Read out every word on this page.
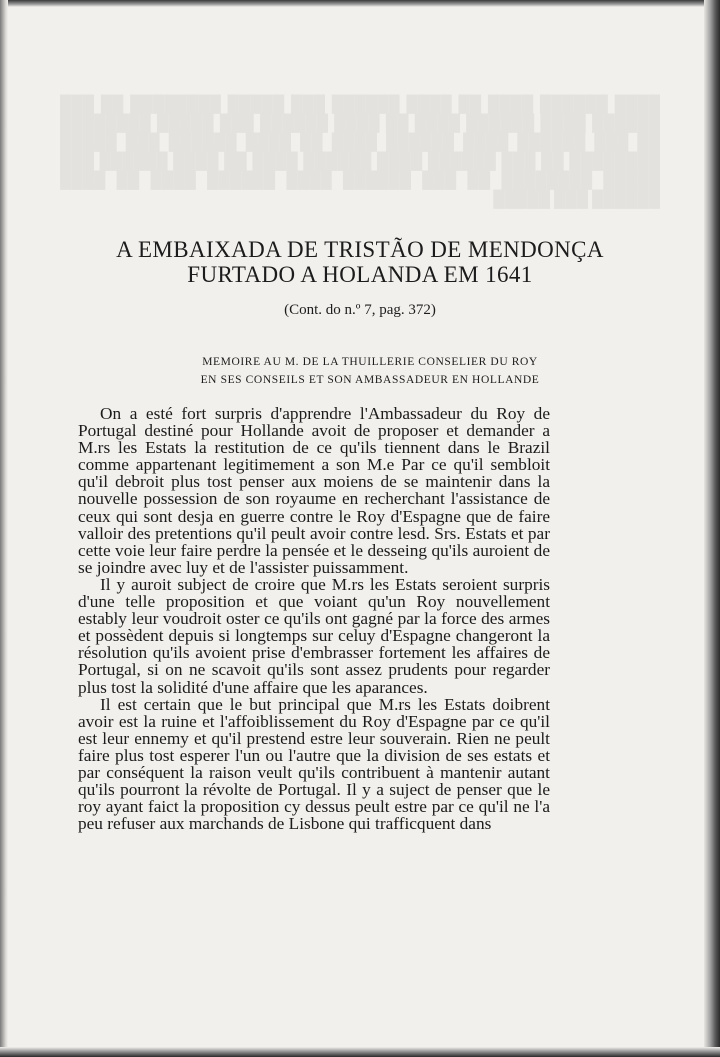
████ ██████ ████ ██ ████ ██████ ███ █████ ████████ ██ ███ ██████ ████ ██████ ████ ██ ████ ██████ ███ █████ ████████ ██ ███ ██████ ████ ██████ ████ ██ ████ ██████ ███ █████ ████████ ██ ███ ██████ ████ ██████ ████ ██ ████ ██████ ███ █████ ████████ ██ ███ ██████ ████ ██████ ████ ██ ████ ██████ ███ █████
A EMBAIXADA DE TRISTÃO DE MENDONÇA
FURTADO A HOLANDA EM 1641

(Cont. do n.º 7, pag. 372)

MEMOIRE AU M. DE LA THUILLERIE CONSELIER DU ROY

EN SES CONSEILS ET SON AMBASSADEUR EN HOLLANDE

On a esté fort surpris d'apprendre l'Ambassadeur du Roy de Portugal destiné pour Hollande avoit de proposer et demander a M.rs les Estats la restitution de ce qu'ils tiennent dans le Brazil comme appartenant legitimement a son M.e Par ce qu'il sembloit qu'il debroit plus tost penser aux moiens de se maintenir dans la nouvelle possession de son royaume en recherchant l'assistance de ceux qui sont desja en guerre contre le Roy d'Espagne que de faire valloir des pretentions qu'il peult avoir contre lesd. Srs. Estats et par cette voie leur faire perdre la pensée et le desseing qu'ils auroient de se joindre avec luy et de l'assister puissamment.

Il y auroit subject de croire que M.rs les Estats seroient surpris d'une telle proposition et que voiant qu'un Roy nouvellement estably leur voudroit oster ce qu'ils ont gagné par la force des armes et possèdent depuis si longtemps sur celuy d'Espagne changeront la résolution qu'ils avoient prise d'embrasser fortement les affaires de Portugal, si on ne scavoit qu'ils sont assez prudents pour regarder plus tost la solidité d'une affaire que les aparances.

Il est certain que le but principal que M.rs les Estats doibrent avoir est la ruine et l'affoiblissement du Roy d'Espagne par ce qu'il est leur ennemy et qu'il prestend estre leur souverain. Rien ne peult faire plus tost esperer l'un ou l'autre que la division de ses estats et par conséquent la raison veult qu'ils contribuent à mantenir autant qu'ils pourront la révolte de Portugal. Il y a suject de penser que le roy ayant faict la proposition cy dessus peult estre par ce qu'il ne l'a peu refuser aux marchands de Lisbone qui trafficquent dans
